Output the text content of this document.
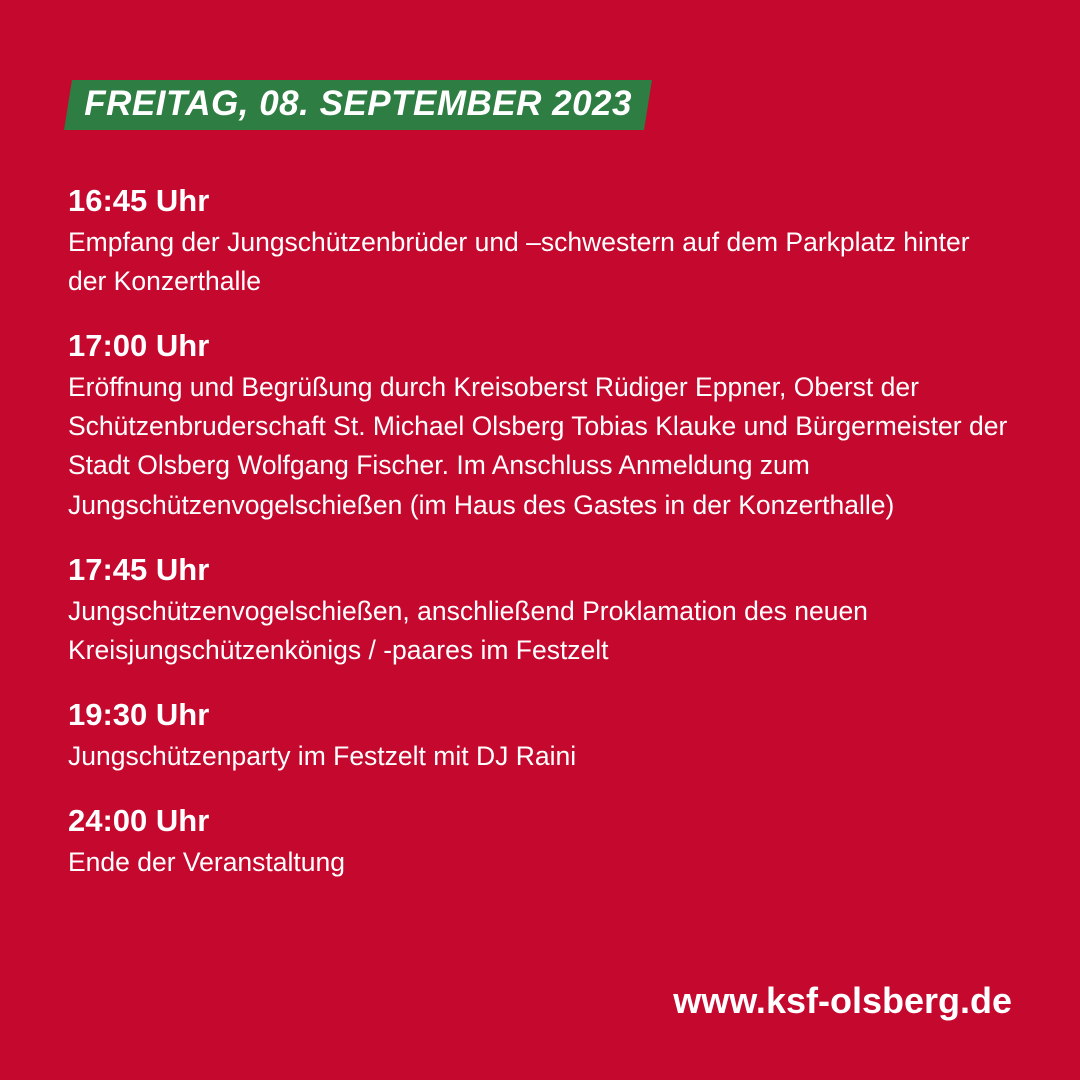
FREITAG, 08. SEPTEMBER 2023
16:45 Uhr
Empfang der Jungschützenbrüder und –schwestern auf dem Parkplatz hinter der Konzerthalle
17:00 Uhr
Eröffnung und Begrüßung durch Kreisoberst Rüdiger Eppner, Oberst der Schützenbruderschaft St. Michael Olsberg Tobias Klauke und Bürgermeister der Stadt Olsberg Wolfgang Fischer. Im Anschluss Anmeldung zum Jungschützenvogelschießen (im Haus des Gastes in der Konzerthalle)
17:45 Uhr
Jungschützenvogelschießen, anschließend Proklamation des neuen Kreisjungschützenkönigs / -paares im Festzelt
19:30 Uhr
Jungschützenparty im Festzelt mit DJ Raini
24:00 Uhr
Ende der Veranstaltung
www.ksf-olsberg.de
